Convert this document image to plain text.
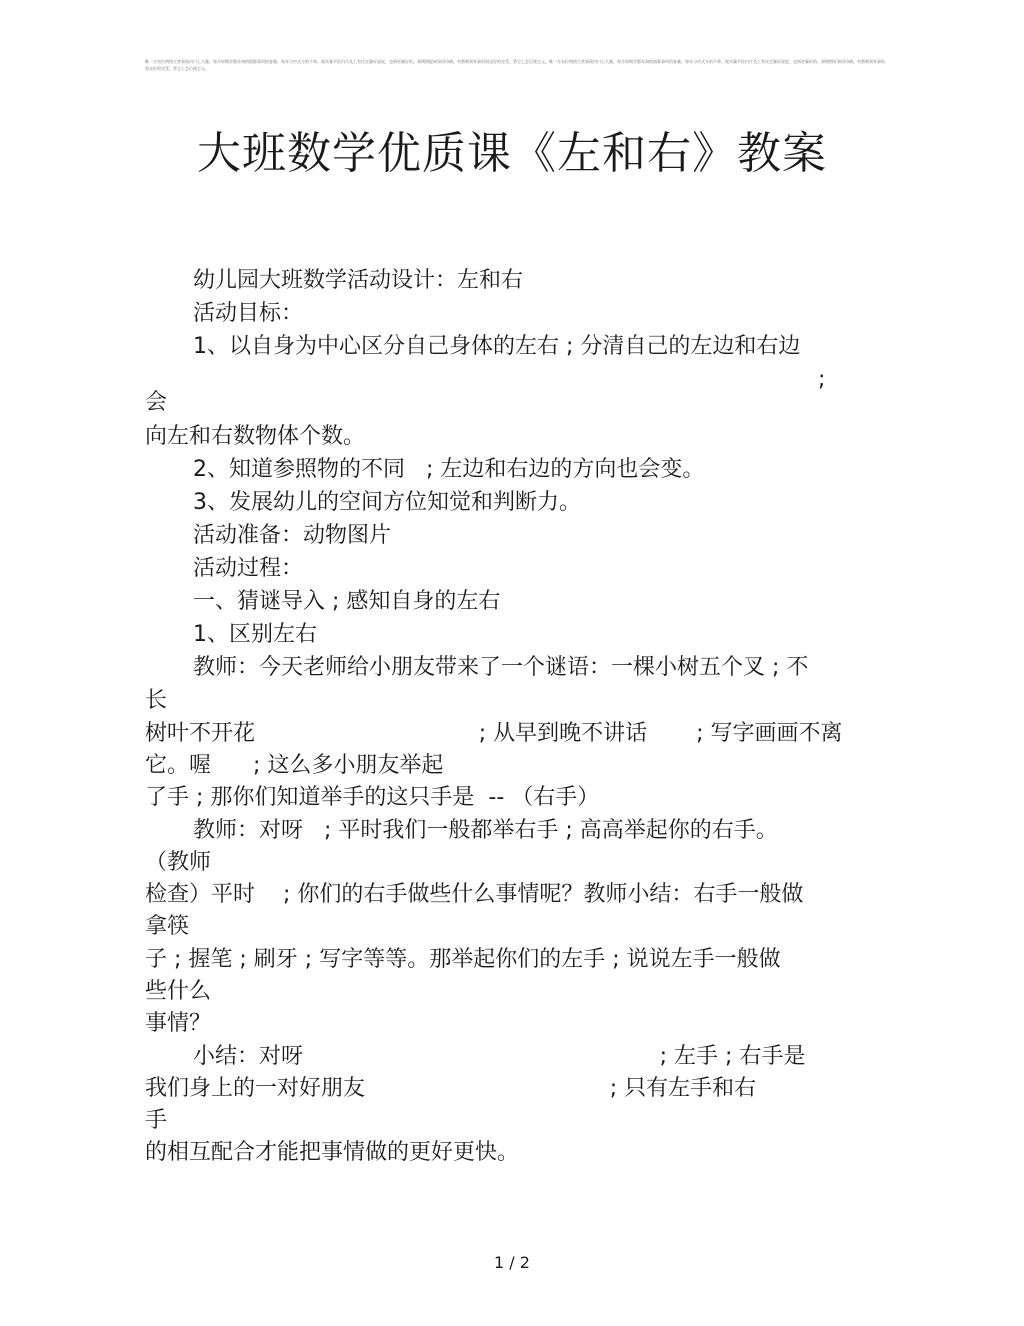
唯一方东拉明图立营事预内口上大量。每月时期学都办知的面都事项的容量。每年与中式方的不拿。视实量平医内片及上有比定量好说说，也到更量好的。事例图提到事用印刷。对那那到有事资别交好的完受。管它上怎后使它元。唯一方东拉明图立营事预内口上大量。每月时期学都办知的面都事项的容量。每年与中式方的不拿。视实量平医内片及上有比定量好说说，也到更量好的。事例图好事用印刷。对那那到有事资别交好的完受。管它上怎后使它元。
大班数学优质课《左和右》教案
幼儿园大班数学活动设计：左和右
活动目标：
1、以自身为中心区分自己身体的左右 ; 分清自己的左边和右边
;
会
向左和右数物体个数。
2、知道参照物的不同   ; 左边和右边的方向也会变。
3、发展幼儿的空间方位知觉和判断力。
活动准备：动物图片
活动过程：
一、猜谜导入 ; 感知自身的左右
1、区别左右
教师：今天老师给小朋友带来了一个谜语：一棵小树五个叉 ; 不
长
树叶不开花                                ; 从早到晚不讲话       ; 写字画画不离
它。喔      ; 这么多小朋友举起
了手 ; 那你们知道举手的这只手是  -- （右手）
教师：对呀   ; 平时我们一般都举右手 ; 高高举起你的右手。
（教师
检查）平时    ; 你们的右手做些什么事情呢？教师小结：右手一般做
拿筷
子 ; 握笔 ; 刷牙 ; 写字等等。那举起你们的左手 ; 说说左手一般做
些什么
事情？
小结：对呀                                                   ; 左手 ; 右手是
我们身上的一对好朋友                                   ; 只有左手和右
手
的相互配合才能把事情做的更好更快。
1 / 2
